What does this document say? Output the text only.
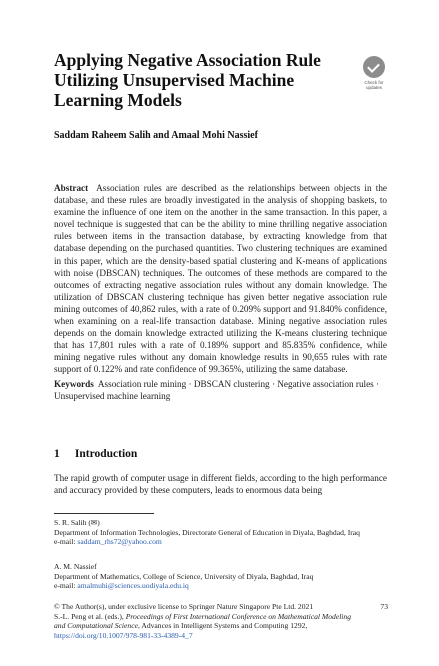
Applying Negative Association Rule Utilizing Unsupervised Machine Learning Models
Check for
updates
Saddam Raheem Salih and Amaal Mohi Nassief
Abstract Association rules are described as the relationships between objects in the database, and these rules are broadly investigated in the analysis of shopping baskets, to examine the influence of one item on the another in the same transaction. In this paper, a novel technique is suggested that can be the ability to mine thrilling negative association rules between items in the transaction database, by extracting knowledge from that database depending on the purchased quantities. Two clustering techniques are examined in this paper, which are the density-based spatial clustering and K-means of applications with noise (DBSCAN) techniques. The outcomes of these methods are compared to the outcomes of extracting negative association rules without any domain knowledge. The utilization of DBSCAN clustering technique has given better negative association rule mining outcomes of 40,862 rules, with a rate of 0.209% support and 91.840% confidence, when examining on a real-life transaction database. Mining negative association rules depends on the domain knowledge extracted utilizing the K-means clustering technique that has 17,801 rules with a rate of 0.189% support and 85.835% confidence, while mining negative rules without any domain knowledge results in 90,655 rules with rate support of 0.122% and rate confidence of 99.365%, utilizing the same database.
Keywords Association rule mining · DBSCAN clustering · Negative association rules · Unsupervised machine learning
1 Introduction
The rapid growth of computer usage in different fields, according to the high performance and accuracy provided by these computers, leads to enormous data being
S. R. Salih (✉)
Department of Information Technologies, Directorate General of Education in Diyala, Baghdad, Iraq
e-mail: saddam_rhs72@yahoo.com
A. M. Nassief
Department of Mathematics, College of Science, University of Diyala, Baghdad, Iraq
e-mail: amalmuhi@sciences.uodiyala.edu.iq
© The Author(s), under exclusive license to Springer Nature Singapore Pte Ltd. 2021
S.-L. Peng et al. (eds.), Proceedings of First International Conference on Mathematical Modeling and Computational Science, Advances in Intelligent Systems and Computing 1292, https://doi.org/10.1007/978-981-33-4389-4_7
73
